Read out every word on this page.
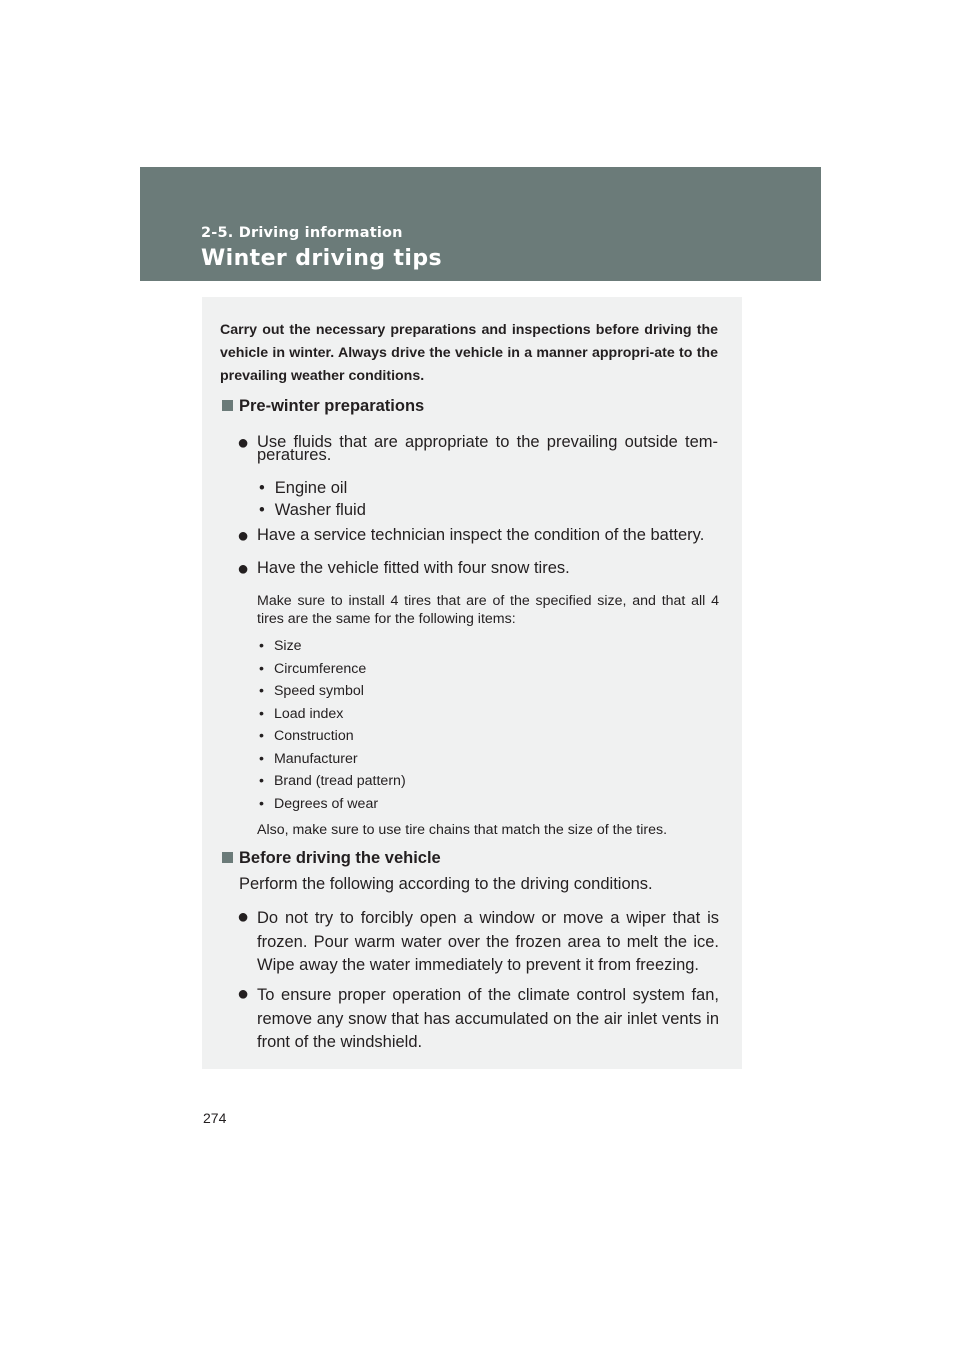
2-5. Driving information
Winter driving tips
Carry out the necessary preparations and inspections before driving the vehicle in winter. Always drive the vehicle in a manner appropri-ate to the prevailing weather conditions.
Pre-winter preparations
● Use fluids that are appropriate to the prevailing outside tem-
peratures.
• Engine oil
• Washer fluid
● Have a service technician inspect the condition of the battery.
● Have the vehicle fitted with four snow tires.
Make sure to install 4 tires that are of the specified size, and that all 4 tires are the same for the following items:
• Size
• Circumference
• Speed symbol
• Load index
• Construction
• Manufacturer
• Brand (tread pattern)
• Degrees of wear
Also, make sure to use tire chains that match the size of the tires.
Before driving the vehicle
Perform the following according to the driving conditions.
● Do not try to forcibly open a window or move a wiper that is frozen. Pour warm water over the frozen area to melt the ice. Wipe away the water immediately to prevent it from freezing.
● To ensure proper operation of the climate control system fan, remove any snow that has accumulated on the air inlet vents in front of the windshield.
274
